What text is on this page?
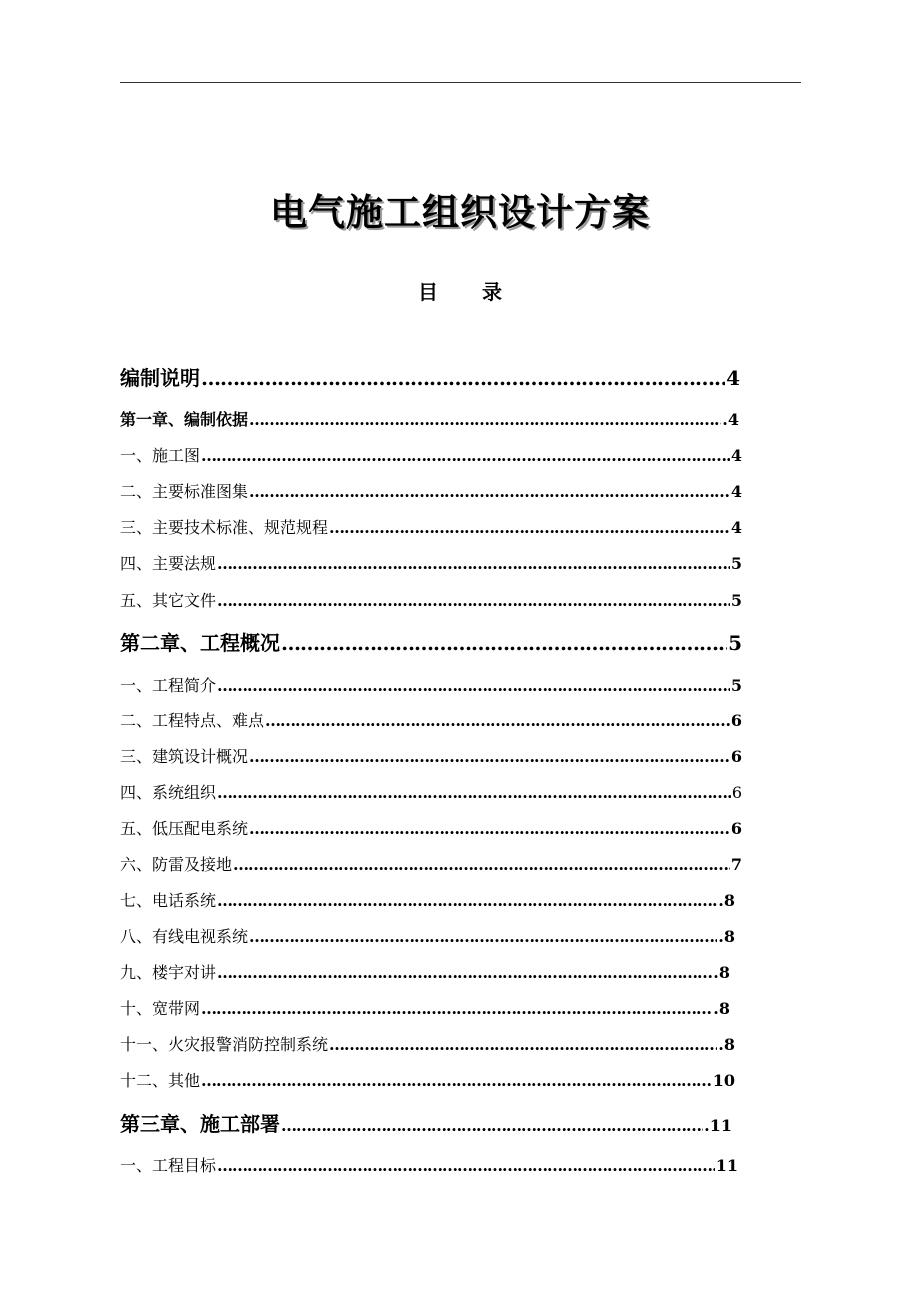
电气施工组织设计方案
目 录
编制说明 ……………………………………………………………………………………………………………………………………………	4
第一章、编制依据 ……………………………………………………………………………………………………………………………………………	.4
一、施工图 ……………………………………………………………………………………………………………………………………………	4
二、主要标准图集 ……………………………………………………………………………………………………………………………………………	4
三、主要技术标准、规范规程 ……………………………………………………………………………………………………………………………………………	4
四、主要法规 ……………………………………………………………………………………………………………………………………………	5
五、其它文件 ……………………………………………………………………………………………………………………………………………	5
第二章、工程概况 ……………………………………………………………………………………………………………………………………………	5
一、工程简介 ……………………………………………………………………………………………………………………………………………	5
二、工程特点、难点 ……………………………………………………………………………………………………………………………………………	6
三、建筑设计概况 ……………………………………………………………………………………………………………………………………………	6
四、系统组织 ……………………………………………………………………………………………………………………………………………	6
五、低压配电系统 ……………………………………………………………………………………………………………………………………………	6
六、防雷及接地 ……………………………………………………………………………………………………………………………………………	7
七、电话系统 ……………………………………………………………………………………………………………………………………………	.8
八、有线电视系统 ……………………………………………………………………………………………………………………………………………	.8
九、楼宇对讲 ……………………………………………………………………………………………………………………………………………	.8
十、宽带网 ……………………………………………………………………………………………………………………………………………	.8
十一、火灾报警消防控制系统 ……………………………………………………………………………………………………………………………………………	.8
十二、其他 ……………………………………………………………………………………………………………………………………………	10
第三章、施工部署 ……………………………………………………………………………………………………………………………………………	.11
一、工程目标 ……………………………………………………………………………………………………………………………………………	11
